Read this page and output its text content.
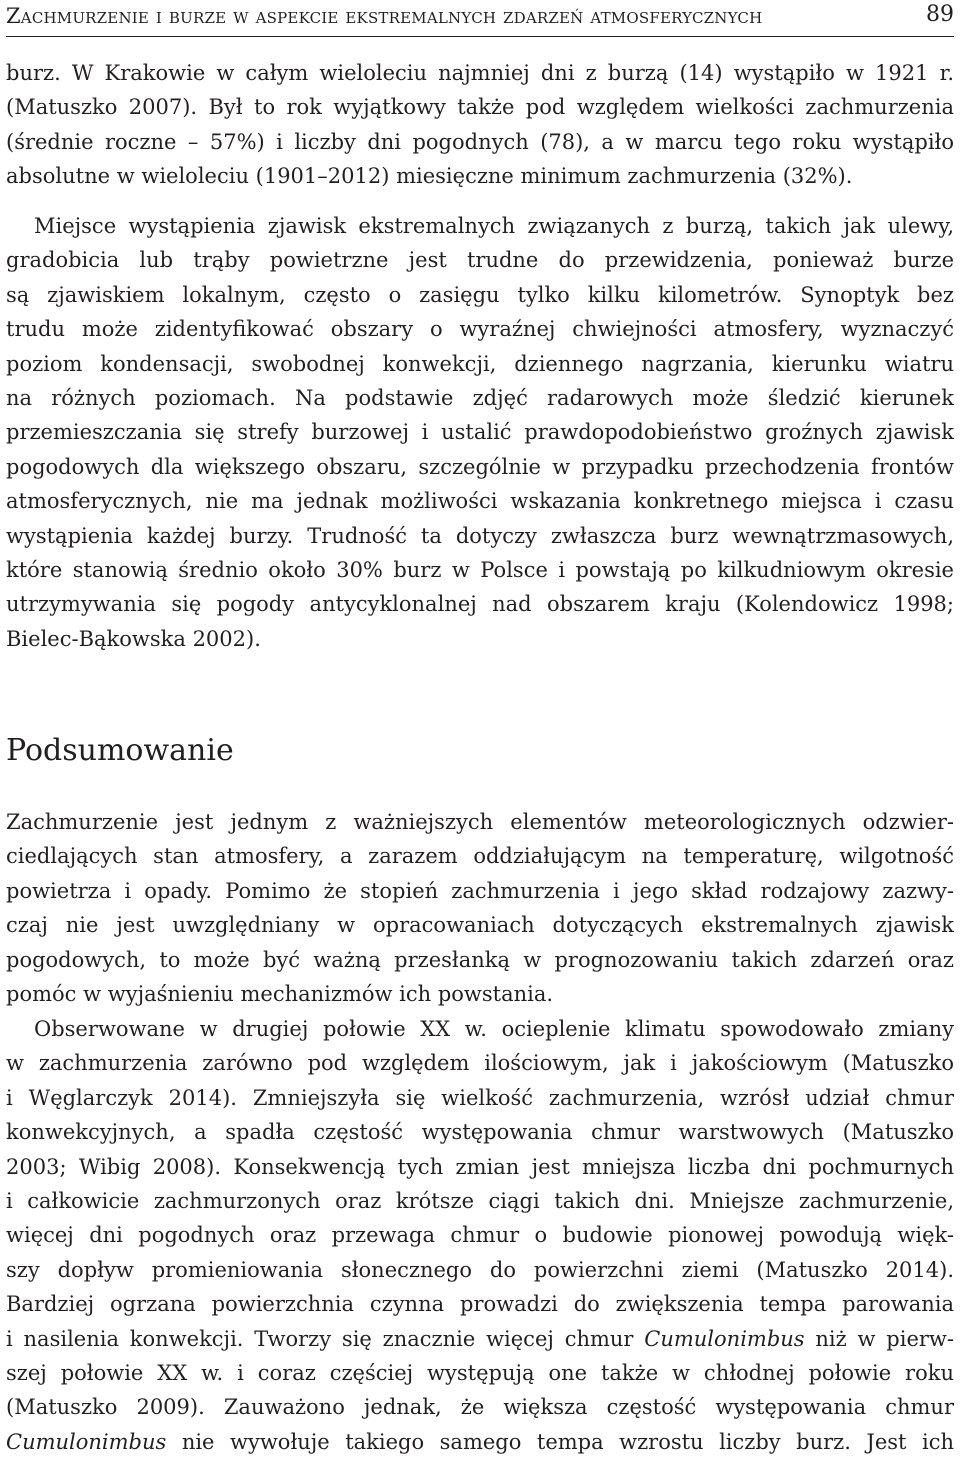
Zachmurzenie i burze w aspekcie ekstremalnych zdarzeń atmosferycznych	89
burz. W Krakowie w całym wieloleciu najmniej dni z burzą (14) wystąpiło w 1921 r.
(Matuszko 2007). Był to rok wyjątkowy także pod względem wielkości zachmurzenia
(średnie roczne – 57%) i liczby dni pogodnych (78), a w marcu tego roku wystąpiło
absolutne w wieloleciu (1901–2012) miesięczne minimum zachmurzenia (32%).
Miejsce wystąpienia zjawisk ekstremalnych związanych z burzą, takich jak ulewy,
gradobicia lub trąby powietrzne jest trudne do przewidzenia, ponieważ burze
są zjawiskiem lokalnym, często o zasięgu tylko kilku kilometrów. Synoptyk bez
trudu może zidentyfikować obszary o wyraźnej chwiejności atmosfery, wyznaczyć
poziom kondensacji, swobodnej konwekcji, dziennego nagrzania, kierunku wiatru
na różnych poziomach. Na podstawie zdjęć radarowych może śledzić kierunek
przemieszczania się strefy burzowej i ustalić prawdopodobieństwo groźnych zjawisk
pogodowych dla większego obszaru, szczególnie w przypadku przechodzenia frontów
atmosferycznych, nie ma jednak możliwości wskazania konkretnego miejsca i czasu
wystąpienia każdej burzy. Trudność ta dotyczy zwłaszcza burz wewnątrzmasowych,
które stanowią średnio około 30% burz w Polsce i powstają po kilkudniowym okresie
utrzymywania się pogody antycyklonalnej nad obszarem kraju (Kolendowicz 1998;
Bielec-Bąkowska 2002).
Podsumowanie
Zachmurzenie jest jednym z ważniejszych elementów meteorologicznych odzwier-
ciedlających stan atmosfery, a zarazem oddziałującym na temperaturę, wilgotność
powietrza i opady. Pomimo że stopień zachmurzenia i jego skład rodzajowy zazwy-
czaj nie jest uwzględniany w opracowaniach dotyczących ekstremalnych zjawisk
pogodowych, to może być ważną przesłanką w prognozowaniu takich zdarzeń oraz
pomóc w wyjaśnieniu mechanizmów ich powstania.
Obserwowane w drugiej połowie XX w. ocieplenie klimatu spowodowało zmiany
w zachmurzenia zarówno pod względem ilościowym, jak i jakościowym (Matuszko
i Węglarczyk 2014). Zmniejszyła się wielkość zachmurzenia, wzrósł udział chmur
konwekcyjnych, a spadła częstość występowania chmur warstwowych (Matuszko
2003; Wibig 2008). Konsekwencją tych zmian jest mniejsza liczba dni pochmurnych
i całkowicie zachmurzonych oraz krótsze ciągi takich dni. Mniejsze zachmurzenie,
więcej dni pogodnych oraz przewaga chmur o budowie pionowej powodują więk-
szy dopływ promieniowania słonecznego do powierzchni ziemi (Matuszko 2014).
Bardziej ogrzana powierzchnia czynna prowadzi do zwiększenia tempa parowania
i nasilenia konwekcji. Tworzy się znacznie więcej chmur Cumulonimbus niż w pierw-
szej połowie XX w. i coraz częściej występują one także w chłodnej połowie roku
(Matuszko 2009). Zauważono jednak, że większa częstość występowania chmur
Cumulonimbus nie wywołuje takiego samego tempa wzrostu liczby burz. Jest ich
